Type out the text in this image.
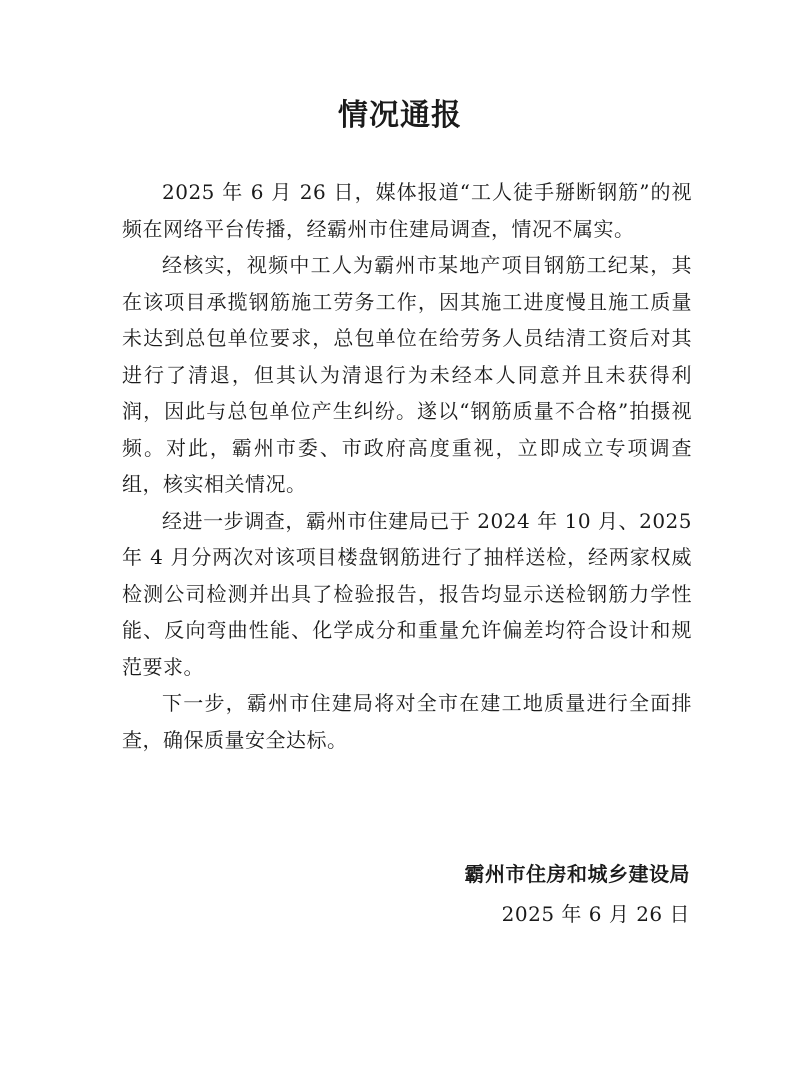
情况通报

2025 年 6 月 26 日，媒体报道“工人徒手掰断钢筋”的视频在网络平台传播，经霸州市住建局调查，情况不属实。

经核实，视频中工人为霸州市某地产项目钢筋工纪某，其在该项目承揽钢筋施工劳务工作，因其施工进度慢且施工质量未达到总包单位要求，总包单位在给劳务人员结清工资后对其进行了清退，但其认为清退行为未经本人同意并且未获得利润，因此与总包单位产生纠纷。遂以“钢筋质量不合格”拍摄视频。对此，霸州市委、市政府高度重视，立即成立专项调查组，核实相关情况。

经进一步调查，霸州市住建局已于 2024 年 10 月、2025 年 4 月分两次对该项目楼盘钢筋进行了抽样送检，经两家权威检测公司检测并出具了检验报告，报告均显示送检钢筋力学性能、反向弯曲性能、化学成分和重量允许偏差均符合设计和规范要求。

下一步，霸州市住建局将对全市在建工地质量进行全面排查，确保质量安全达标。

霸州市住房和城乡建设局
2025 年 6 月 26 日
